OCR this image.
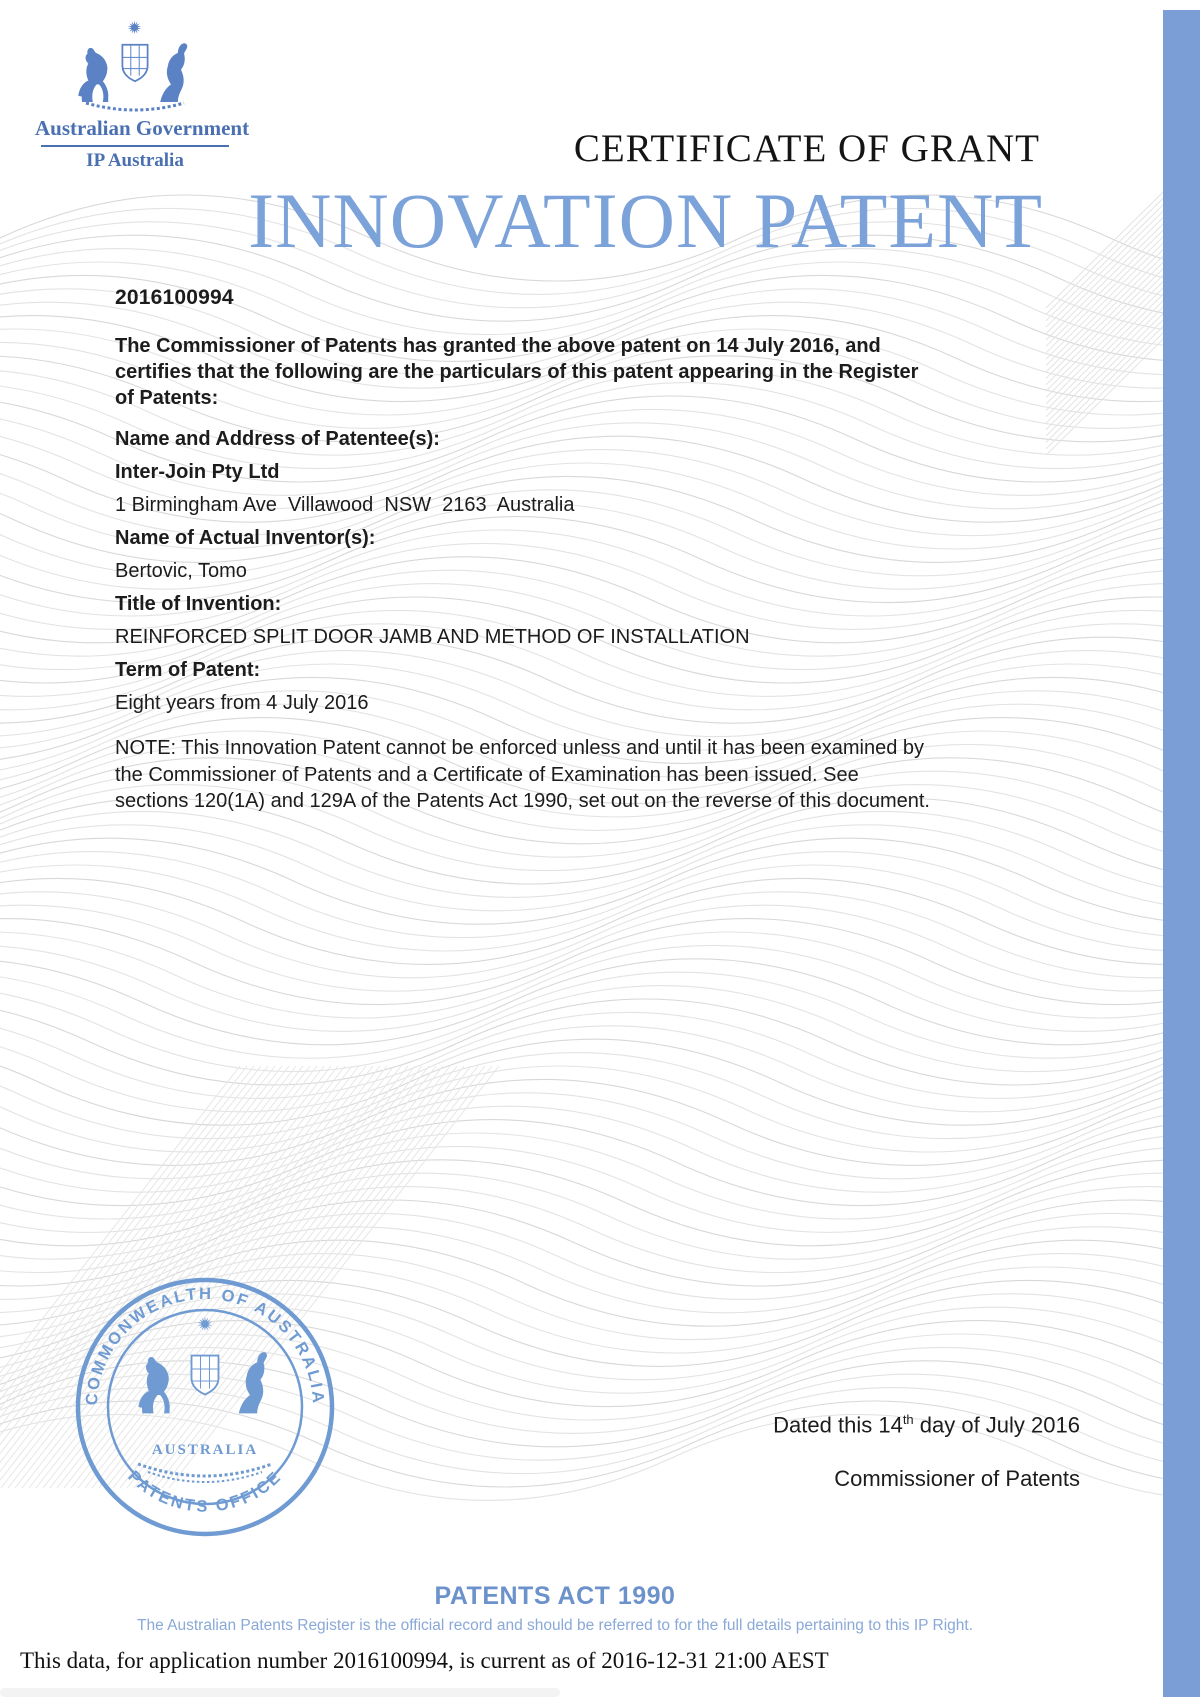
Australian Government
IP Australia	CERTIFICATE OF GRANT
INNOVATION PATENT

2016100994

The Commissioner of Patents has granted the above patent on 14 July 2016, and certifies that the following are the particulars of this patent appearing in the Register of Patents:

Name and Address of Patentee(s):

Inter-Join Pty Ltd

1 Birmingham Ave  Villawood  NSW  2163  Australia

Name of Actual Inventor(s):

Bertovic, Tomo

Title of Invention:

REINFORCED SPLIT DOOR JAMB AND METHOD OF INSTALLATION

Term of Patent:

Eight years from 4 July 2016

NOTE: This Innovation Patent cannot be enforced unless and until it has been examined by the Commissioner of Patents and a Certificate of Examination has been issued. See sections 120(1A) and 129A of the Patents Act 1990, set out on the reverse of this document.

COMMONWEALTH OF AUSTRALIA
PATENTS OFFICE
AUSTRALIA
Dated this 14th day of July 2016
Commissioner of Patents
PATENTS ACT 1990
The Australian Patents Register is the official record and should be referred to for the full details pertaining to this IP Right.
This data, for application number 2016100994, is current as of 2016-12-31 21:00 AEST
